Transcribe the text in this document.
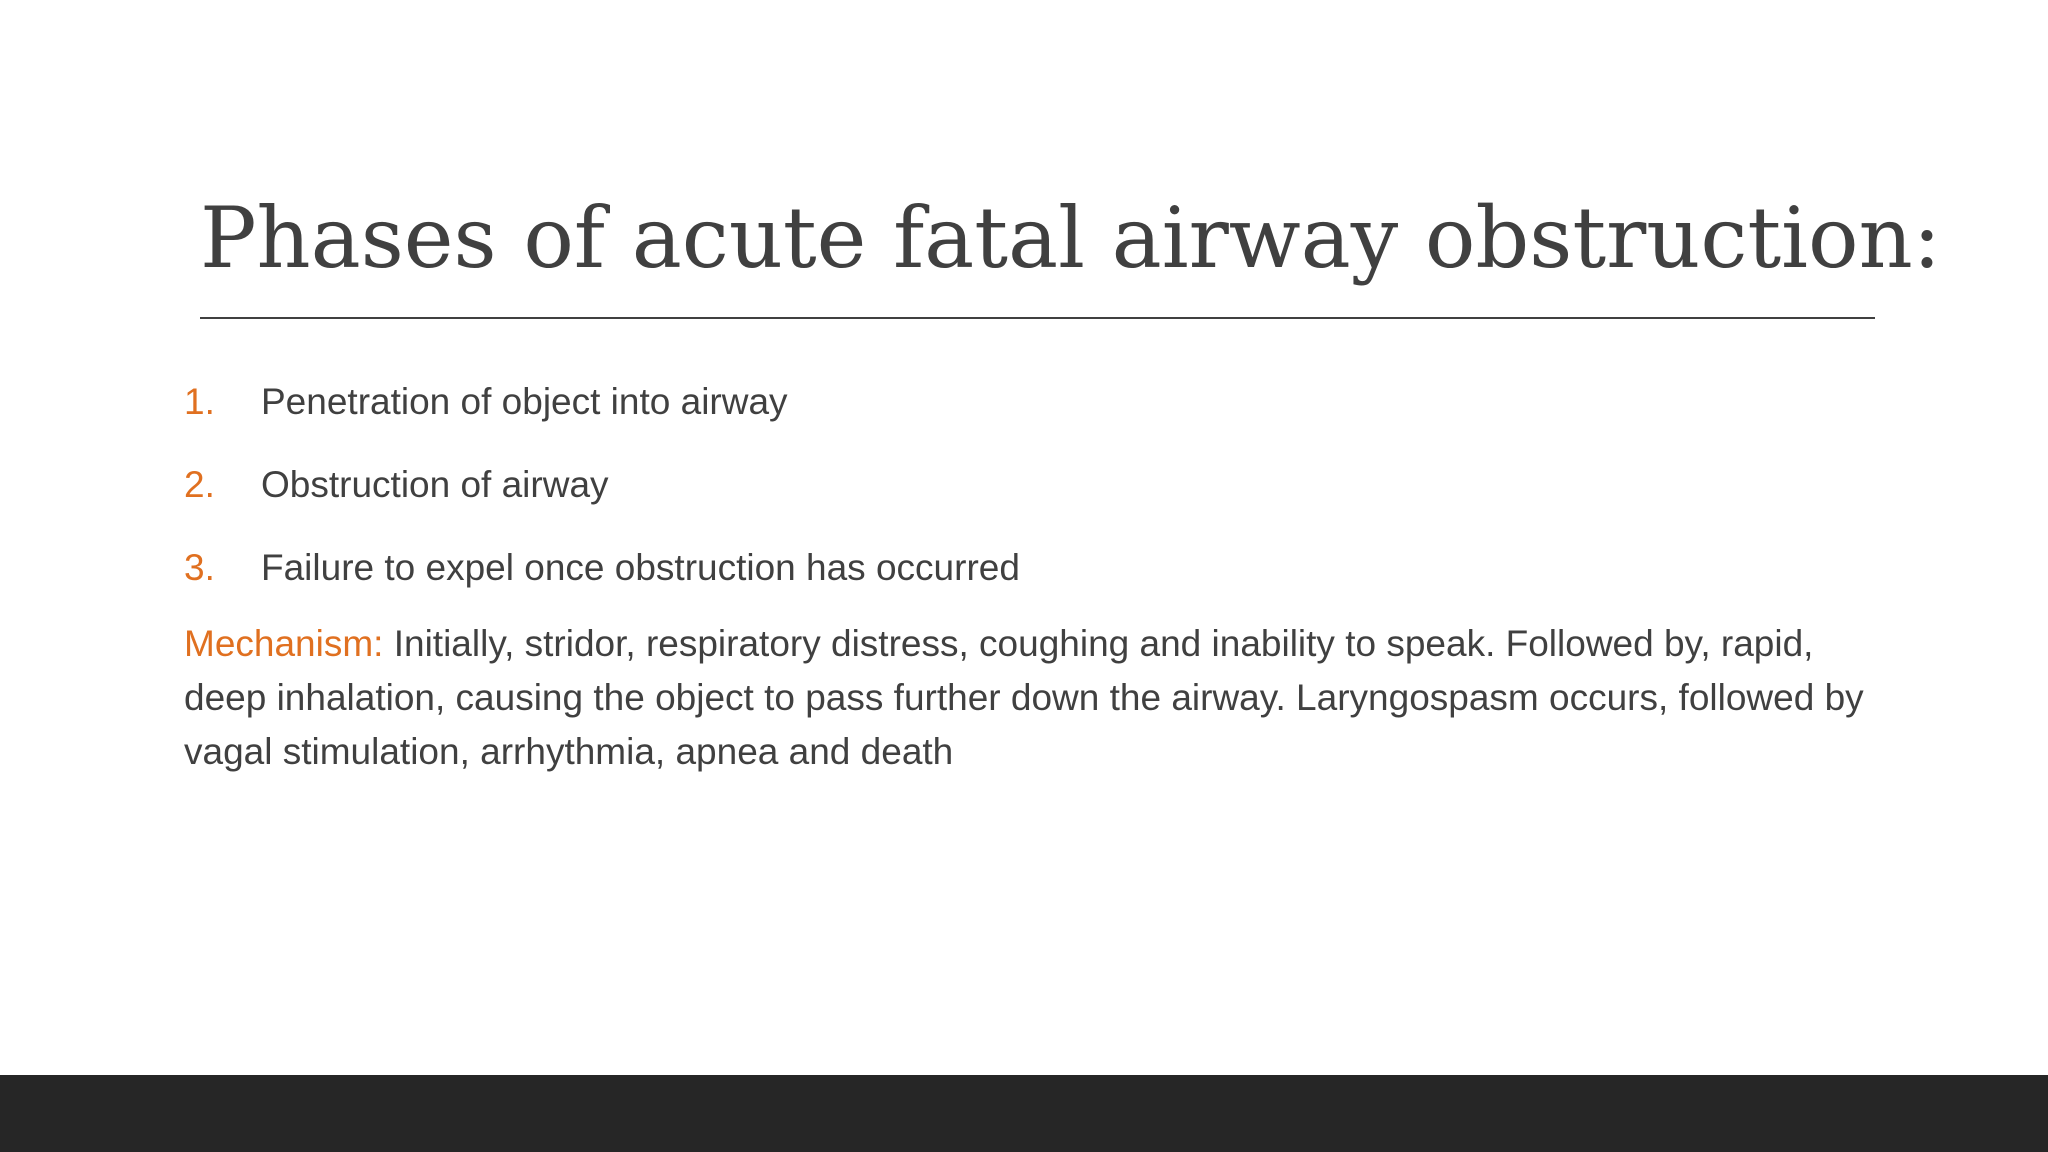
Phases of acute fatal airway obstruction:
1.	Penetration of object into airway
2.	Obstruction of airway
3.	Failure to expel once obstruction has occurred

Mechanism: Initially, stridor, respiratory distress, coughing and inability to speak. Followed by, rapid, deep inhalation, causing the object to pass further down the airway. Laryngospasm occurs, followed by vagal stimulation, arrhythmia, apnea and death
